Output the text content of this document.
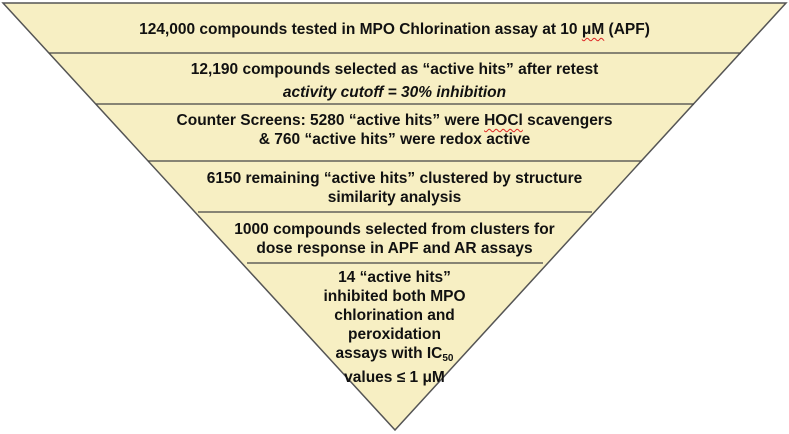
124,000 compounds tested in MPO Chlorination assay at 10 μM (APF)
12,190 compounds selected as “active hits” after retest
activity cutoff = 30% inhibition
Counter Screens: 5280 “active hits” were HOCl scavengers
& 760 “active hits” were redox active
6150 remaining “active hits” clustered by structure
similarity analysis
1000 compounds selected from clusters for
dose response in APF and AR assays
14 “active hits”
inhibited both MPO
chlorination and
peroxidation
assays with $IC_{50}$
values ≤ 1 μM
